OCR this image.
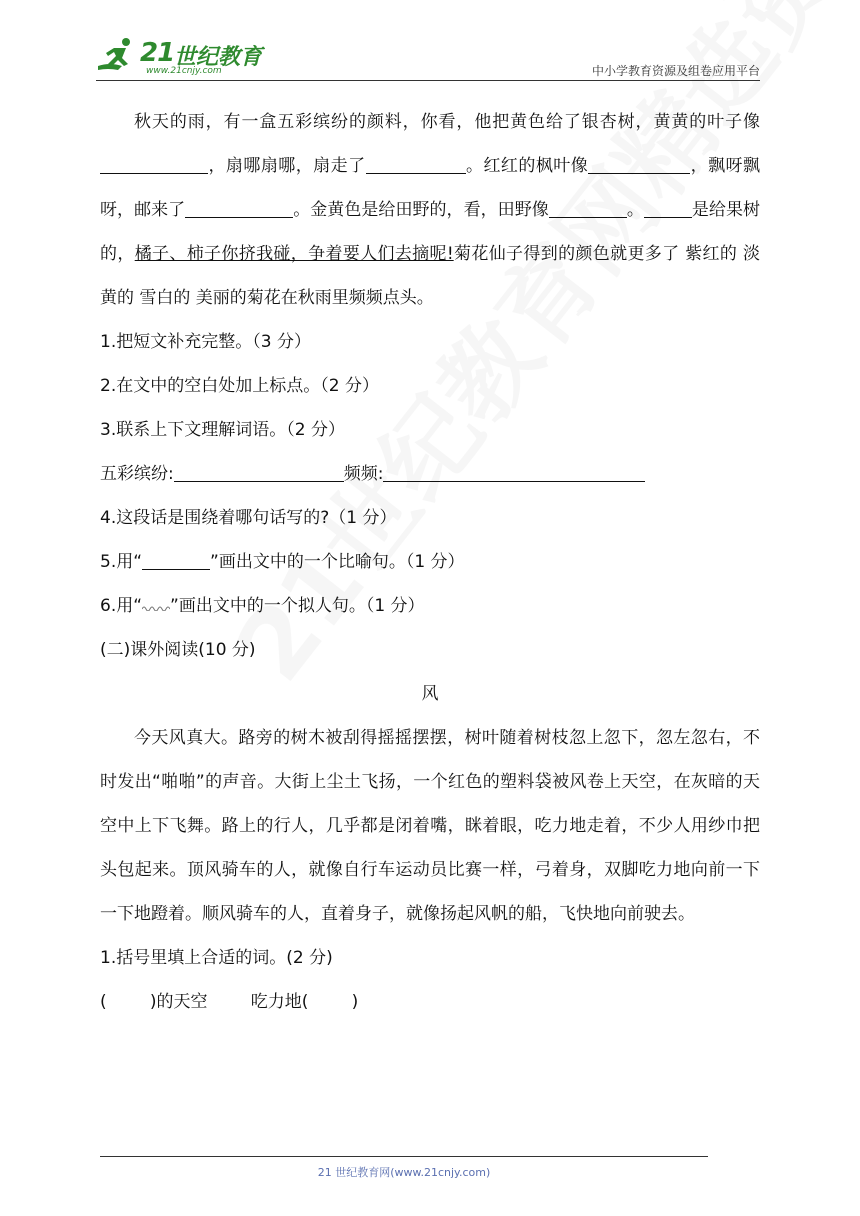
21 世纪教育
www.21cnjy.com	中小学教育资源及组卷应用平台

秋天的雨，有一盒五彩缤纷的颜料，你看，他把黄色给了银杏树，黄黄的叶子像，扇哪扇哪，扇走了	。红红的枫叶像	，飘呀飘呀，邮来了	。金黄色是给田野的，看，田野像	。	是给果树的，橘子、柿子你挤我碰，争着要人们去摘呢!菊花仙子得到的颜色就更多了 紫红的 淡黄的 雪白的 美丽的菊花在秋雨里频频点头。

1.把短文补充完整。（3 分）

2.在文中的空白处加上标点。（2 分）

3.联系上下文理解词语。（2 分）

五彩缤纷:	频频:

4.这段话是围绕着哪句话写的?（1 分）

5.用“	”画出文中的一个比喻句。（1 分）

6.用“ ”画出文中的一个拟人句。（1 分）

(二)课外阅读(10 分)

风

今天风真大。路旁的树木被刮得摇摇摆摆，树叶随着树枝忽上忽下，忽左忽右，不时发出“啪啪”的声音。大街上尘土飞扬，一个红色的塑料袋被风卷上天空，在灰暗的天空中上下飞舞。路上的行人，几乎都是闭着嘴，眯着眼，吃力地走着，不少人用纱巾把头包起来。顶风骑车的人，就像自行车运动员比赛一样，弓着身，双脚吃力地向前一下一下地蹬着。顺风骑车的人，直着身子，就像扬起风帆的船，飞快地向前驶去。

1.括号里填上合适的词。(2 分)

(        )的天空	吃力地(        )

21 世纪教育网(www.21cnjy.com)
